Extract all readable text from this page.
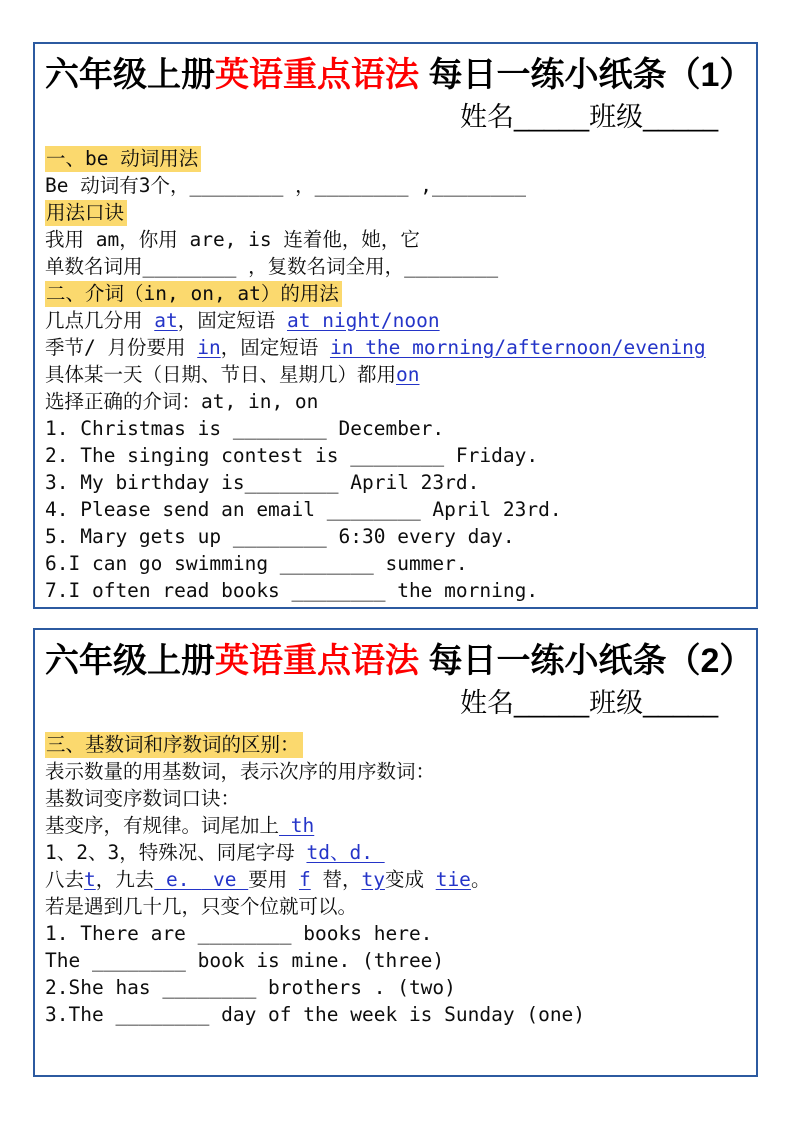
六年级上册英语重点语法 每日一练小纸条（1）
姓名_____班级_____
一、be 动词用法
Be 动词有3个，________ ，________ ,________
用法口诀
我用 am，你用 are, is 连着他，她，它
单数名词用________ ，复数名词全用，________
二、介词（in, on, at）的用法
几点几分用 at，固定短语 at night/noon
季节/ 月份要用 in，固定短语 in the morning/afternoon/evening
具体某一天（日期、节日、星期几）都用on
选择正确的介词：at, in, on
1. Christmas is ________ December.
2. The singing contest is ________ Friday.
3. My birthday is________ April 23rd.
4. Please send an email ________ April 23rd.
5. Mary gets up ________ 6:30 every day.
6.I can go swimming ________ summer.
7.I often read books ________ the morning.
六年级上册英语重点语法 每日一练小纸条（2）
姓名_____班级_____
三、基数词和序数词的区别：
表示数量的用基数词，表示次序的用序数词：
基数词变序数词口诀：
基变序，有规律。词尾加上 th
1、2、3，特殊况、同尾字母 td、d.
八去t，九去 e.  ve 要用 f 替，ty变成 tie。
若是遇到几十几，只变个位就可以。
1. There are ________ books here.
The ________ book is mine. (three)
2.She has ________ brothers . (two)
3.The ________ day of the week is Sunday (one)
